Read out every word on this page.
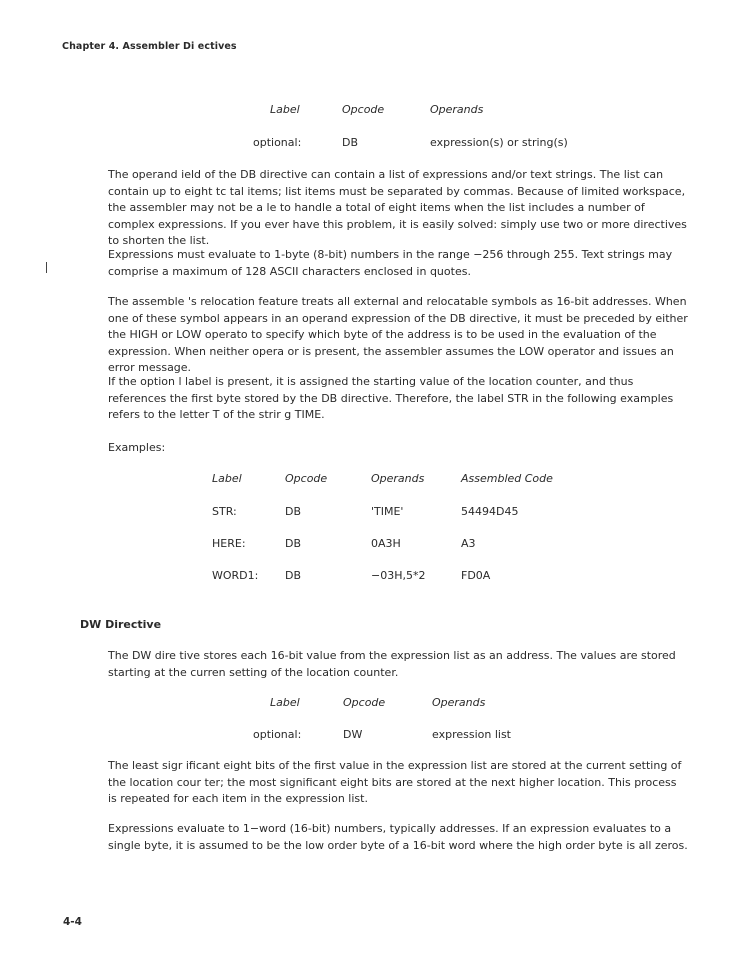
Chapter 4. Assembler Di ectives
Label	Opcode	Operands
optional:	DB	expression(s) or string(s)

The operand ield of the DB directive can contain a list of expressions and/or text strings. The list can contain up to eight tc tal items; list items must be separated by commas. Because of limited workspace, the assembler may not be a le to handle a total of eight items when the list includes a number of complex expressions. If you ever have this problem, it is easily solved: simply use two or more directives to shorten the list.

Expressions must evaluate to 1-byte (8-bit) numbers in the range −256 through 255. Text strings may comprise a maximum of 128 ASCII characters enclosed in quotes.

The assemble 's relocation feature treats all external and relocatable symbols as 16-bit addresses. When one of these symbol appears in an operand expression of the DB directive, it must be preceded by either the HIGH or LOW operato to specify which byte of the address is to be used in the evaluation of the expression. When neither opera or is present, the assembler assumes the LOW operator and issues an error message.

If the option l label is present, it is assigned the starting value of the location counter, and thus references the first byte stored by the DB directive. Therefore, the label STR in the following examples refers to the letter T of the strir g TIME.

Examples:

Label	Opcode	Operands	Assembled Code
STR:	DB	'TIME'	54494D45
HERE:	DB	0A3H	A3
WORD1: DB	−03H,5*2	FD0A
DW Directive

The DW dire tive stores each 16-bit value from the expression list as an address. The values are stored starting at the curren setting of the location counter.

Label	Opcode	Operands
optional:	DW	expression list

The least sigr ificant eight bits of the first value in the expression list are stored at the current setting of the location cour ter; the most significant eight bits are stored at the next higher location. This process is repeated for each item in the expression list.

Expressions evaluate to 1−word (16-bit) numbers, typically addresses. If an expression evaluates to a single byte, it is assumed to be the low order byte of a 16-bit word where the high order byte is all zeros.

4-4
